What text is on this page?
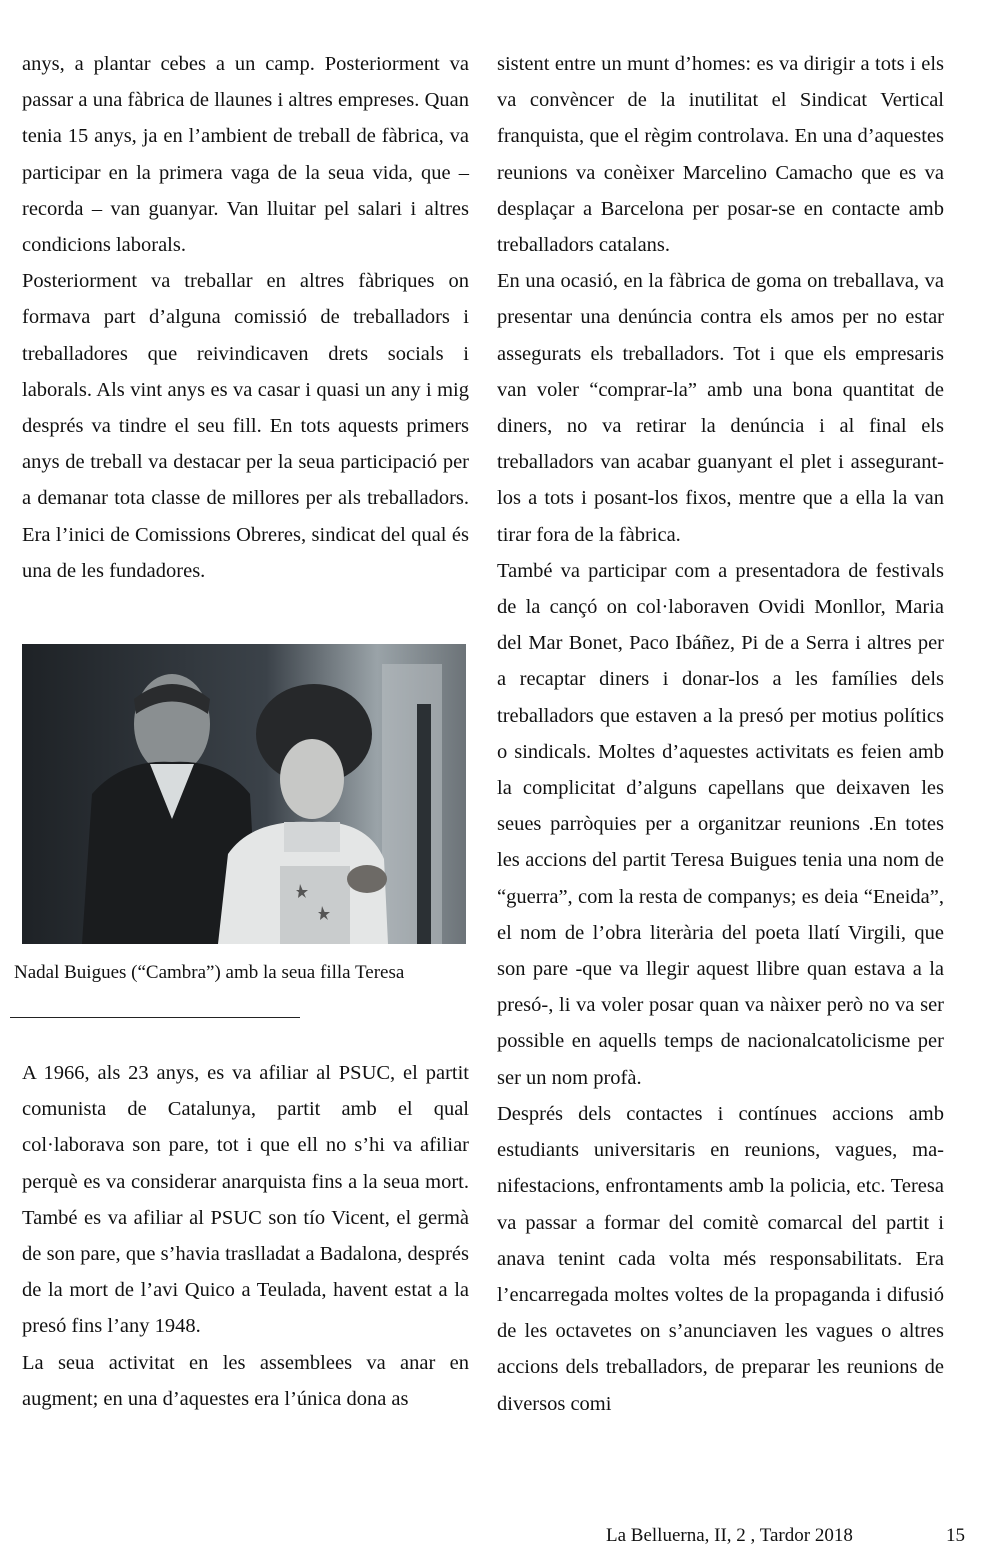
anys, a plantar cebes a un camp. Posteriorment va passar a una fàbrica de llaunes i altres empreses. Quan tenia 15 anys, ja en l’ambient de treball de fàbrica, va participar en la primera vaga de la seua vida, que – recorda – van guanyar. Van lluitar pel salari i altres condicions laborals.

Posteriorment va treballar en altres fàbriques on formava part d’alguna comissió de treballadors i treballadores que reivindicaven drets socials i laborals. Als vint anys es va casar i quasi un any i mig després va tindre el seu fill. En tots aquests primers anys de treball va destacar per la seua participació per a demanar tota classe de millores per als treballadors. Era l’inici de Comissions Obreres, sindicat del qual és una de les fundadores.

Nadal Buigues (“Cambra”) amb la seua filla Teresa

A 1966, als 23 anys, es va afiliar al PSUC, el partit comunista de Catalunya, partit amb el qual col·laborava son pare, tot i que ell no s’hi va afiliar perquè es va considerar anarquista fins a la seua mort. També es va afiliar al PSUC son tío Vicent, el germà de son pare, que s’havia traslladat a Badalona, després de la mort de l’avi Quico a Teulada, havent estat a la presó fins l’any 1948.

La seua activitat en les assemblees va anar en augment; en una d’aquestes era l’única dona as

sistent entre un munt d’homes: es va dirigir a tots i els va convèncer de la inutilitat el Sindicat Vertical franquista, que el règim controlava. En una d’aquestes reunions va conèixer Marcelino Camacho que es va desplaçar a Barcelona per posar-se en contacte amb treballadors catalans.

En una ocasió, en la fàbrica de goma on treballava, va presentar una denúncia contra els amos per no estar assegurats els treballadors. Tot i que els empresaris van voler “comprar-la” amb una bona quantitat de diners, no va retirar la denúncia i al final els treballadors van acabar guanyant el plet i assegurant-los a tots i posant-los fixos, mentre que a ella la van tirar fora de la fàbrica.

També va participar com a presentadora de festivals de la cançó on col·laboraven Ovidi Monllor, Maria del Mar Bonet, Paco Ibáñez, Pi de a Serra i altres per a recaptar diners i donar-los a les famílies dels treballadors que estaven a la presó per motius polítics o sindicals. Moltes d’aquestes activitats es feien amb la complicitat d’alguns capellans que deixaven les seues parròquies per a organitzar reunions .En totes les accions del partit Teresa Buigues tenia una nom de “guerra”, com la resta de companys; es deia “Eneida”, el nom de l’obra literària del poeta llatí Virgili, que son pare -que va llegir aquest llibre quan estava a la presó-, li va voler posar quan va nàixer però no va ser possible en aquells temps de nacionalcatolicisme per ser un nom profà.

Després dels contactes i contínues accions amb estudiants universitaris en reunions, vagues, manifestacions, enfrontaments amb la policia, etc. Teresa va passar a formar del comitè comarcal del partit i anava tenint cada volta més responsabilitats. Era l’encarregada moltes voltes de la propaganda i difusió de les octavetes on s’anunciaven les vagues o altres accions dels treballadors, de preparar les reunions de diversos comi

La Belluerna, II, 2 , Tardor 2018	15
